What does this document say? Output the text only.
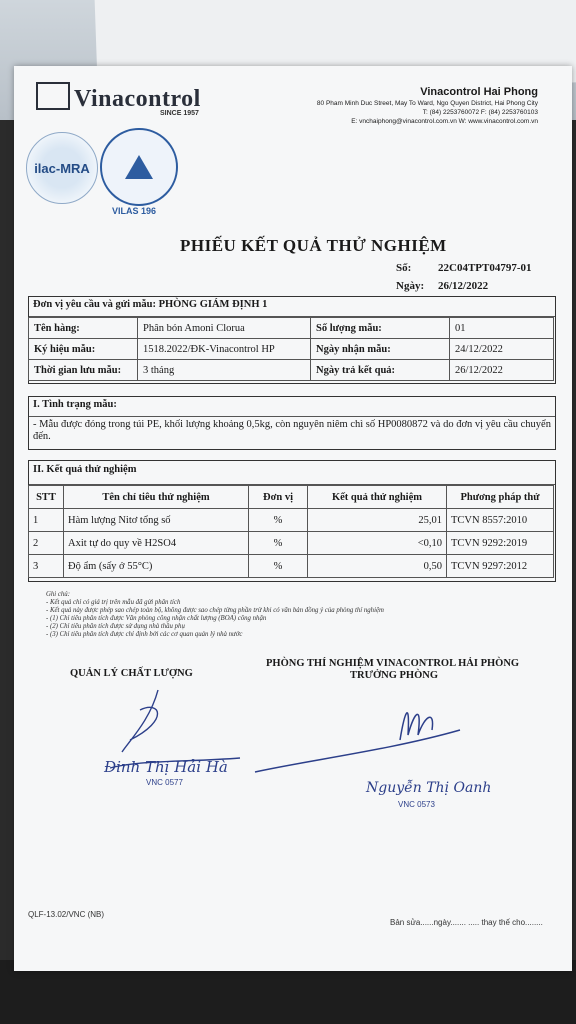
Vinacontrol
SINCE 1957
Vinacontrol Hai Phong
80 Pham Minh Duc Street, May To Ward, Ngo Quyen District, Hai Phong City
T: (84) 2253760072 F: (84) 2253760103
E: vnchaiphong@vinacontrol.com.vn W: www.vinacontrol.com.vn
ilac-MRA
VILAS 196
PHIẾU KẾT QUẢ THỬ NGHIỆM
Số: 22C04TPT04797-01
Ngày: 26/12/2022
Đơn vị yêu cầu và gửi mẫu: PHÒNG GIÁM ĐỊNH 1
Tên hàng:	Phân bón Amoni Clorua	Số lượng mẫu:	01
Ký hiệu mẫu:	1518.2022/ĐK-Vinacontrol HP	Ngày nhận mẫu:	24/12/2022
Thời gian lưu mẫu:	3 tháng	Ngày trả kết quả:	26/12/2022
I. Tình trạng mẫu:
- Mẫu được đóng trong túi PE, khối lượng khoảng 0,5kg, còn nguyên niêm chì số HP0080872 và do đơn vị yêu cầu chuyển đến.
II. Kết quả thử nghiệm
STT	Tên chỉ tiêu thử nghiệm	Đơn vị	Kết quả thử nghiệm	Phương pháp thử
1	Hàm lượng Nitơ tổng số	%	25,01	TCVN 8557:2010
2	Axit tự do quy về H2SO4	%	<0,10	TCVN 9292:2019
3	Độ ẩm (sấy ở 55°C)	%	0,50	TCVN 9297:2012
Ghi chú:
- Kết quả chỉ có giá trị trên mẫu đã gửi phân tích
- Kết quả này được phép sao chép toàn bộ, không được sao chép từng phần trừ khi có văn bản đồng ý của phòng thí nghiệm
- (1) Chỉ tiêu phân tích được Văn phòng công nhận chất lượng (BOA) công nhận
- (2) Chỉ tiêu phân tích được sử dụng nhà thầu phụ
- (3) Chỉ tiêu phân tích được chỉ định bởi các cơ quan quản lý nhà nước
QUẢN LÝ CHẤT LƯỢNG
PHÒNG THÍ NGHIỆM VINACONTROL HẢI PHÒNG
TRƯỞNG PHÒNG
Đinh Thị Hải Hà
VNC 0577	Nguyễn Thị Oanh
VNC 0573
QLF-13.02/VNC (NB)
Bản sửa......ngày....... ..... thay thế cho........
